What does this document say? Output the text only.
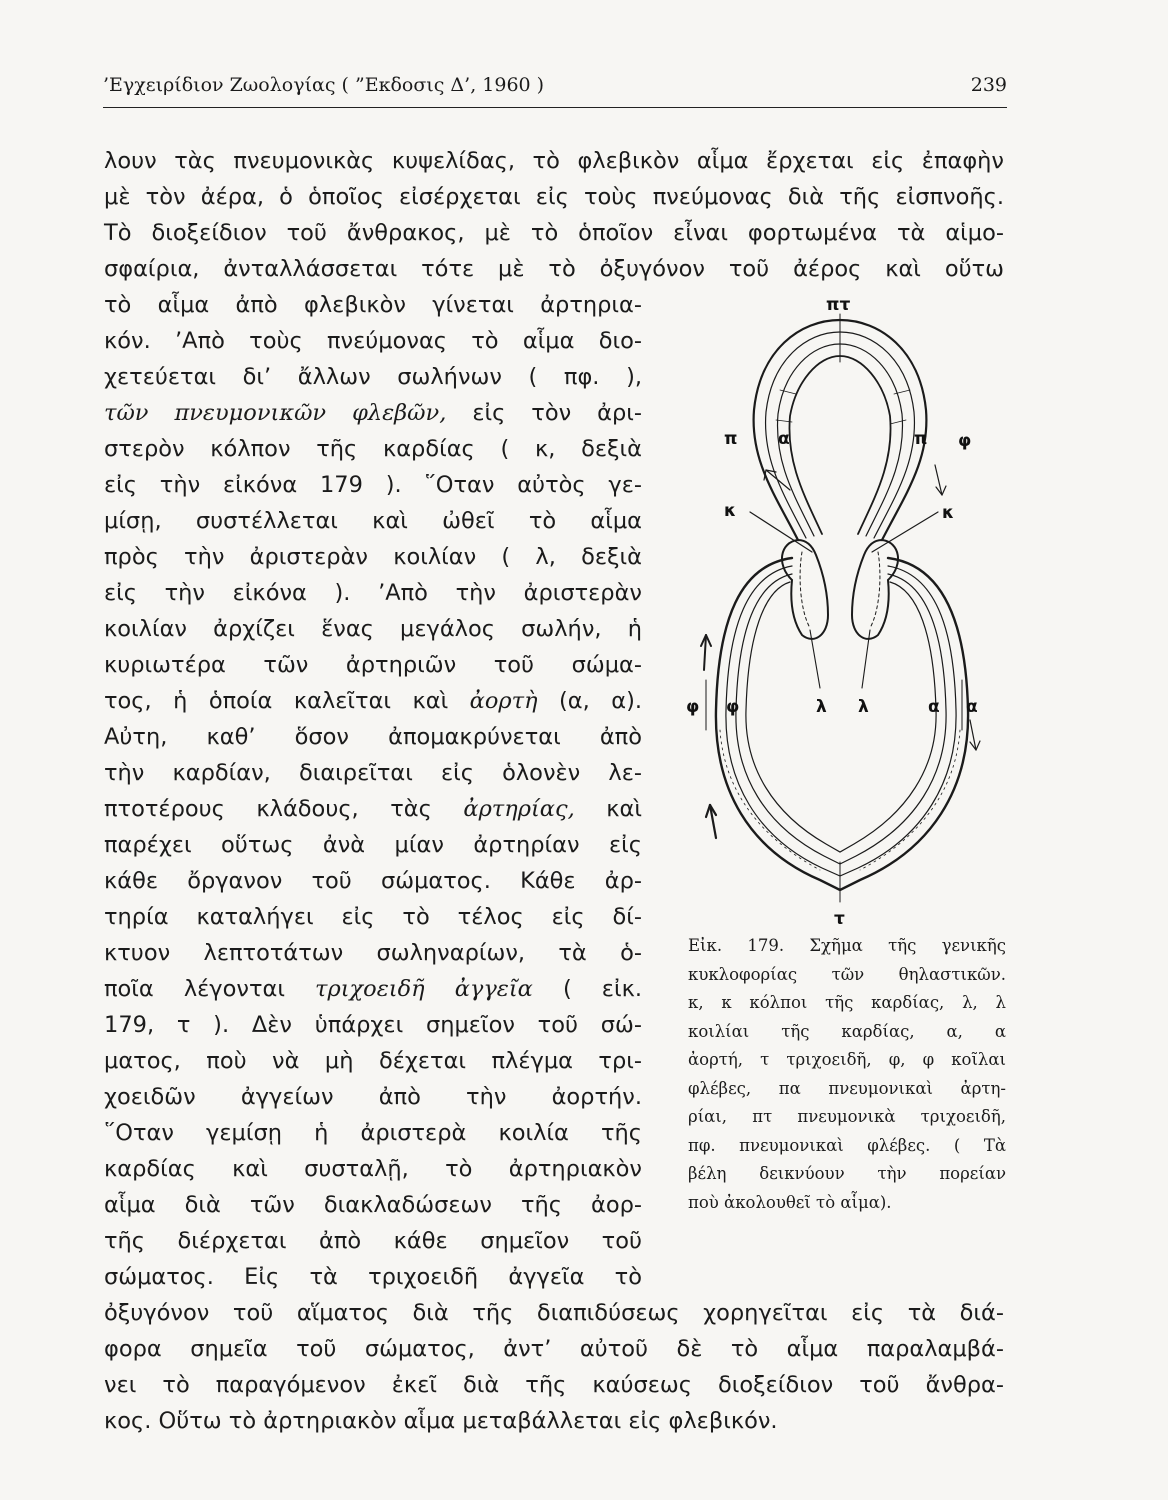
’Εγχειρίδιον Ζωολογίας ( ”Εκδοσις Δ’, 1960 )	239
λουν τὰς πνευμονικὰς κυψελίδας, τὸ φλεβικὸν αἷμα ἔρχεται εἰς ἐπαφὴν
μὲ τὸν ἀέρα, ὁ ὁποῖος εἰσέρχεται εἰς τοὺς πνεύμονας διὰ τῆς εἰσπνοῆς.
Τὸ διοξείδιον τοῦ ἄνθρακος, μὲ τὸ ὁποῖον εἶναι φορτωμένα τὰ αἱμο-
σφαίρια, ἀνταλλάσσεται τότε μὲ τὸ ὀξυγόνον τοῦ ἀέρος καὶ οὕτω
τὸ αἷμα ἀπὸ φλεβικὸν γίνεται ἀρτηρια-
κόν. ’Απὸ τοὺς πνεύμονας τὸ αἷμα διο-
χετεύεται δι’ ἄλλων σωλήνων ( πφ. ),
τῶν πνευμονικῶν φλεβῶν, εἰς τὸν ἀρι-
στερὸν κόλπον τῆς καρδίας ( κ, δεξιὰ
εἰς τὴν εἰκόνα 179 ). ῞Οταν αὐτὸς γε-
μίσῃ, συστέλλεται καὶ ὠθεῖ τὸ αἷμα
πρὸς τὴν ἀριστερὰν κοιλίαν ( λ, δεξιὰ
εἰς τὴν εἰκόνα ). ’Απὸ τὴν ἀριστερὰν
κοιλίαν ἀρχίζει ἕνας μεγάλος σωλήν, ἡ
κυριωτέρα τῶν ἀρτηριῶν τοῦ σώμα-
τος, ἡ ὁποία καλεῖται καὶ ἀορτὴ (α, α).
Αὐτη, καθ’ ὅσον ἀπομακρύνεται ἀπὸ
τὴν καρδίαν, διαιρεῖται εἰς ὁλονὲν λε-
πτοτέρους κλάδους, τὰς ἀρτηρίας, καὶ
παρέχει οὕτως ἀνὰ μίαν ἀρτηρίαν εἰς
κάθε ὄργανον τοῦ σώματος. Κάθε ἀρ-
τηρία καταλήγει εἰς τὸ τέλος εἰς δί-
κτυον λεπτοτάτων σωληναρίων, τὰ ὁ-
ποῖα λέγονται τριχοειδῆ ἀγγεῖα ( εἰκ.
179, τ ). Δὲν ὑπάρχει σημεῖον τοῦ σώ-
ματος, ποὺ νὰ μὴ δέχεται πλέγμα τρι-
χοειδῶν ἀγγείων ἀπὸ τὴν ἀορτήν.
῞Οταν γεμίσῃ ἡ ἀριστερὰ κοιλία τῆς
καρδίας καὶ συσταλῇ, τὸ ἀρτηριακὸν
αἷμα διὰ τῶν διακλαδώσεων τῆς ἀορ-
τῆς διέρχεται ἀπὸ κάθε σημεῖον τοῦ
σώματος. Εἰς τὰ τριχοειδῆ ἀγγεῖα τὸ
ὀξυγόνον τοῦ αἵματος διὰ τῆς διαπιδύσεως χορηγεῖται εἰς τὰ διά-
φορα σημεῖα τοῦ σώματος, ἀντ’ αὐτοῦ δὲ τὸ αἷμα παραλαμβά-
νει τὸ παραγόμενον ἐκεῖ διὰ τῆς καύσεως διοξείδιον τοῦ ἄνθρα-
κος. Οὕτω τὸ ἀρτηριακὸν αἷμα μεταβάλλεται εἰς φλεβικόν.
πτ
π α	π φ
κ	κ
φ φ	λ λ	α α
τ
Εἰκ. 179. Σχῆμα τῆς γενικῆς
κυκλοφορίας τῶν θηλαστικῶν.
κ, κ κόλποι τῆς καρδίας, λ, λ
κοιλίαι τῆς καρδίας, α, α
ἀορτή, τ τριχοειδῆ, φ, φ κοῖλαι
φλέβες, πα πνευμονικαὶ ἀρτη-
ρίαι, πτ πνευμονικὰ τριχοειδῆ,
πφ. πνευμονικαὶ φλέβες. ( Τὰ
βέλη δεικνύουν τὴν πορείαν
ποὺ ἀκολουθεῖ τὸ αἷμα).
